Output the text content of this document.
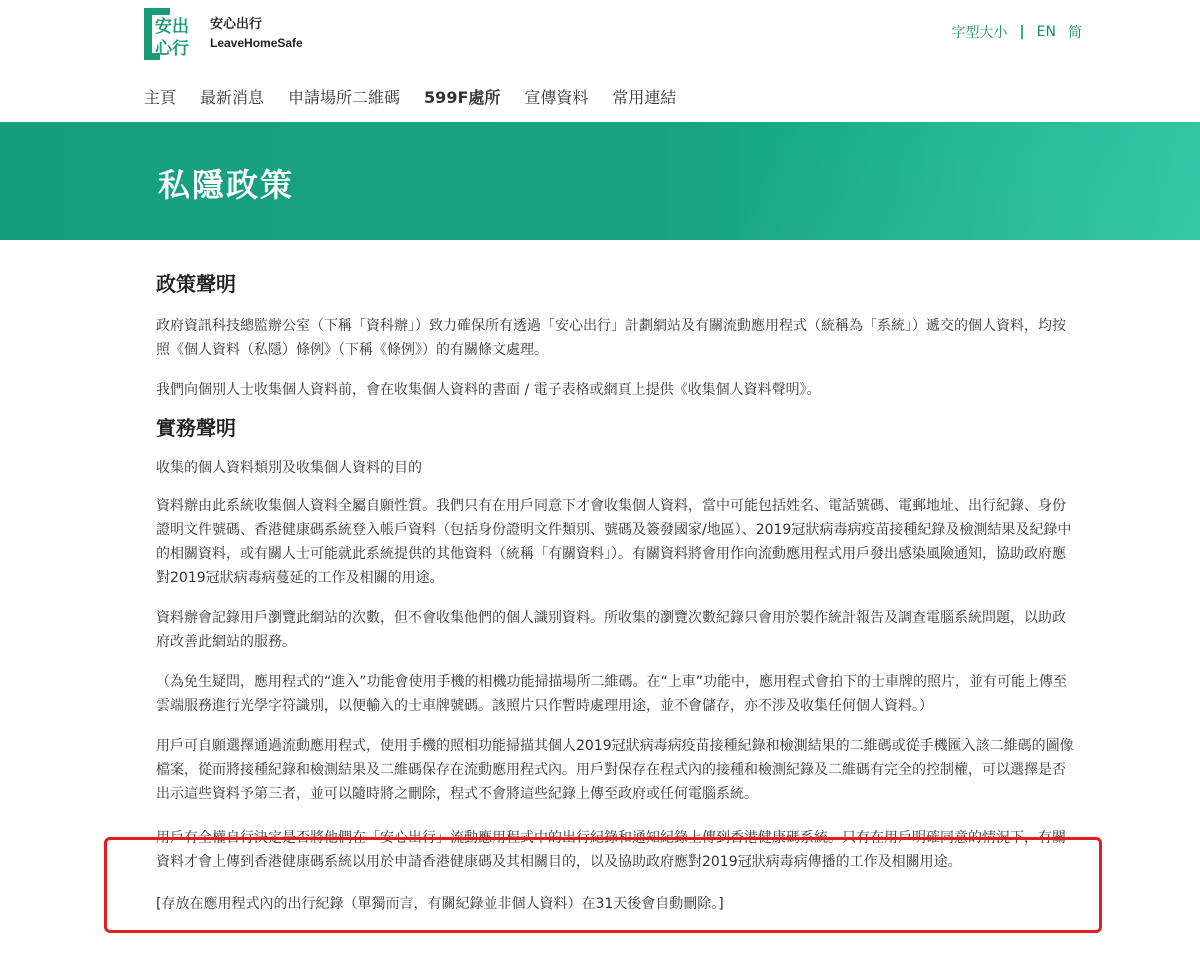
安出
心行
安心出行
LeaveHomeSafe
字型大小 | EN 简
主頁 最新消息 申請場所二維碼 599F處所 宣傳資料 常用連結
私隱政策
政策聲明

政府資訊科技總監辦公室（下稱「資科辦」）致力確保所有透過「安心出行」計劃網站及有關流動應用程式（統稱為「系統」）遞交的個人資料，均按照《個人資料（私隱）條例》（下稱《條例》）的有關條文處理。

我們向個別人士收集個人資料前，會在收集個人資料的書面 / 電子表格或網頁上提供《收集個人資料聲明》。

實務聲明

收集的個人資料類別及收集個人資料的目的

資料辦由此系統收集個人資料全屬自願性質。我們只有在用戶同意下才會收集個人資料，當中可能包括姓名、電話號碼、電郵地址、出行紀錄、身份證明文件號碼、香港健康碼系統登入帳戶資料（包括身份證明文件類別、號碼及簽發國家/地區）、2019冠狀病毒病疫苗接種紀錄及檢測結果及紀錄中的相關資料，或有關人士可能就此系統提供的其他資料（統稱「有關資料」）。有關資料將會用作向流動應用程式用戶發出感染風險通知，協助政府應對2019冠狀病毒病蔓延的工作及相關的用途。

資料辦會記錄用戶瀏覽此網站的次數，但不會收集他們的個人識別資料。所收集的瀏覽次數紀錄只會用於製作統計報告及調查電腦系統問題，以助政府改善此網站的服務。

（為免生疑問，應用程式的“進入”功能會使用手機的相機功能掃描場所二維碼。在“上車”功能中，應用程式會拍下的士車牌的照片，並有可能上傳至雲端服務進行光學字符識別，以便輸入的士車牌號碼。該照片只作暫時處理用途，並不會儲存，亦不涉及收集任何個人資料。）

用戶可自願選擇通過流動應用程式，使用手機的照相功能掃描其個人2019冠狀病毒病疫苗接種紀錄和檢測結果的二維碼或從手機匯入該二維碼的圖像檔案，從而將接種紀錄和檢測結果及二維碼保存在流動應用程式內。用戶對保存在程式內的接種和檢測紀錄及二維碼有完全的控制權，可以選擇是否出示這些資料予第三者，並可以隨時將之刪除，程式不會將這些紀錄上傳至政府或任何電腦系統。

用戶有全權自行決定是否將他們在「安心出行」流動應用程式中的出行紀錄和通知紀錄上傳到香港健康碼系統。只有在用戶明確同意的情況下，有關資料才會上傳到香港健康碼系統以用於申請香港健康碼及其相關目的，以及協助政府應對2019冠狀病毒病傳播的工作及相關用途。

[存放在應用程式內的出行紀錄（單獨而言，有關紀錄並非個人資料）在31天後會自動刪除。]
